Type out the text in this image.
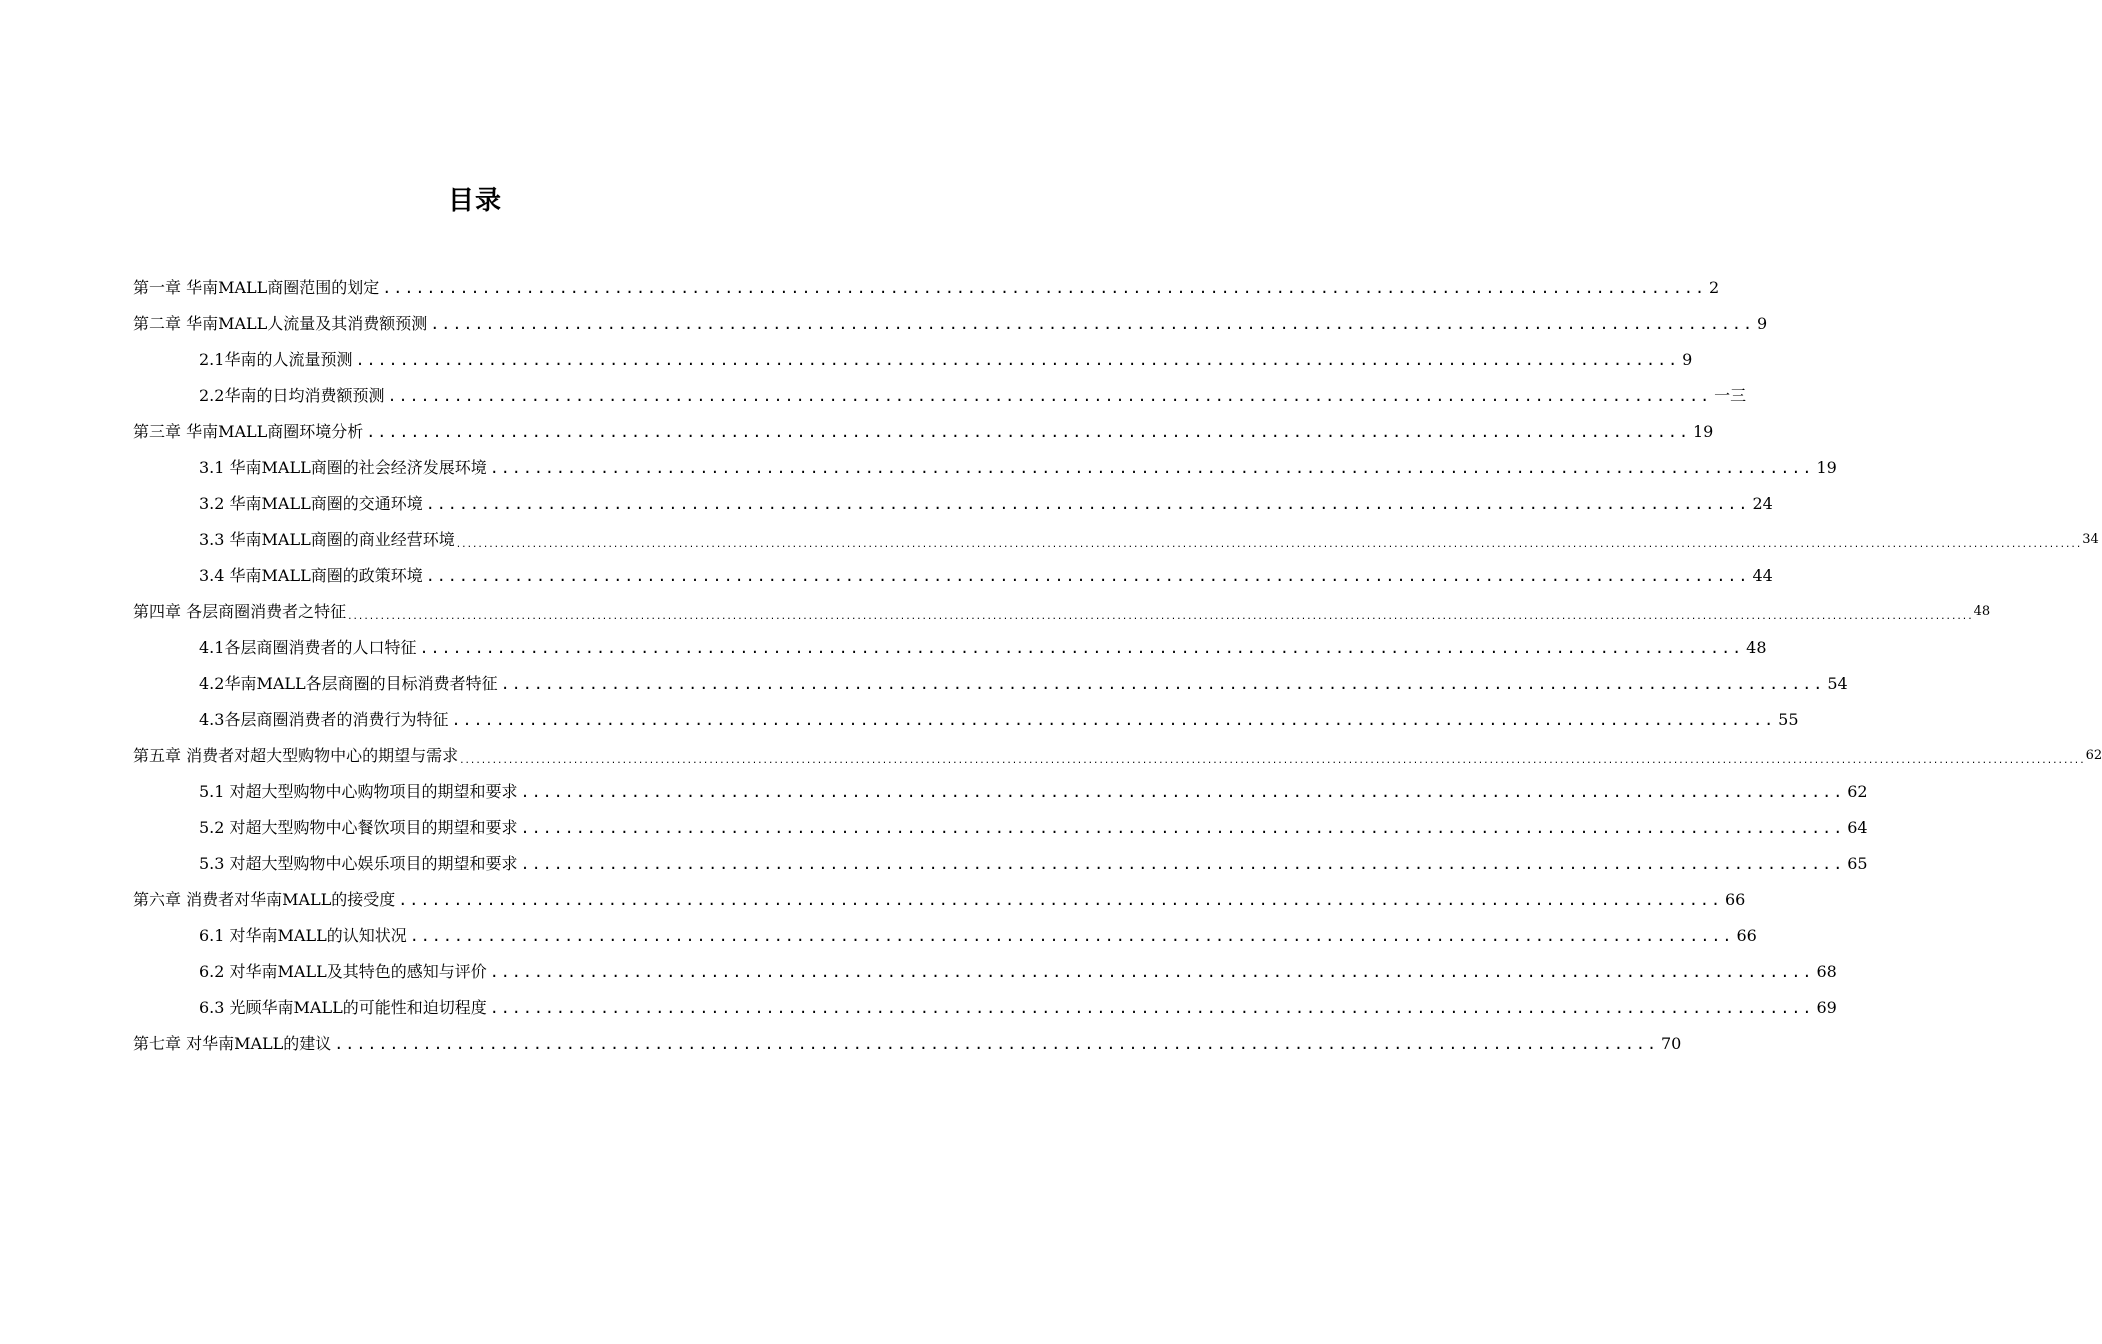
目录
第一章 华南MALL商圈范围的划定 ........................................................................................................................ 2
第二章 华南MALL人流量及其消费额预测 ........................................................................................................................ 9
2.1华南的人流量预测 ........................................................................................................................ 9
2.2华南的日均消费额预测 ........................................................................................................................ 一三
第三章 华南MALL商圈环境分析 ........................................................................................................................ 19
3.1 华南MALL商圈的社会经济发展环境 ........................................................................................................................ 19
3.2 华南MALL商圈的交通环境 ........................................................................................................................ 24
3.3 华南MALL商圈的商业经营环境 ............................................................................................................................................................................................................................................................................................................ 34
3.4 华南MALL商圈的政策环境 ........................................................................................................................ 44
第四章 各层商圈消费者之特征 ............................................................................................................................................................................................................................................................................................................ 48
4.1各层商圈消费者的人口特征 ........................................................................................................................ 48
4.2华南MALL各层商圈的目标消费者特征 ........................................................................................................................ 54
4.3各层商圈消费者的消费行为特征 ........................................................................................................................ 55
第五章 消费者对超大型购物中心的期望与需求 ............................................................................................................................................................................................................................................................................................................ 62
5.1 对超大型购物中心购物项目的期望和要求 ........................................................................................................................ 62
5.2 对超大型购物中心餐饮项目的期望和要求 ........................................................................................................................ 64
5.3 对超大型购物中心娱乐项目的期望和要求 ........................................................................................................................ 65
第六章 消费者对华南MALL的接受度 ........................................................................................................................ 66
6.1 对华南MALL的认知状况 ........................................................................................................................ 66
6.2 对华南MALL及其特色的感知与评价 ........................................................................................................................ 68
6.3 光顾华南MALL的可能性和迫切程度 ........................................................................................................................ 69
第七章 对华南MALL的建议 ........................................................................................................................ 70
